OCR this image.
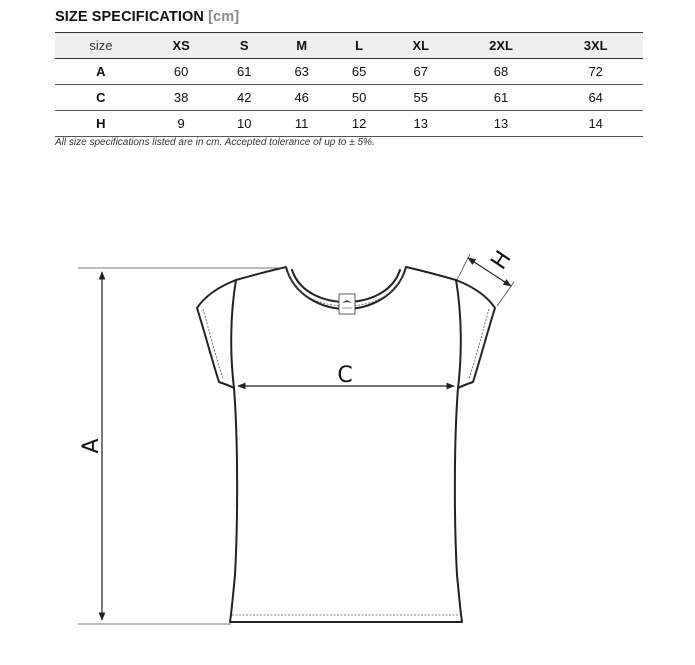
SIZE SPECIFICATION [cm]
size	XS	S	M	L	XL	2XL	3XL
A	60	61	63	65	67	68	72
C	38	42	46	50	55	61	64
H	9	10	11	12	13	13	14
All size specifications listed are in cm. Accepted tolerance of up to ± 5%.
A
C
H
